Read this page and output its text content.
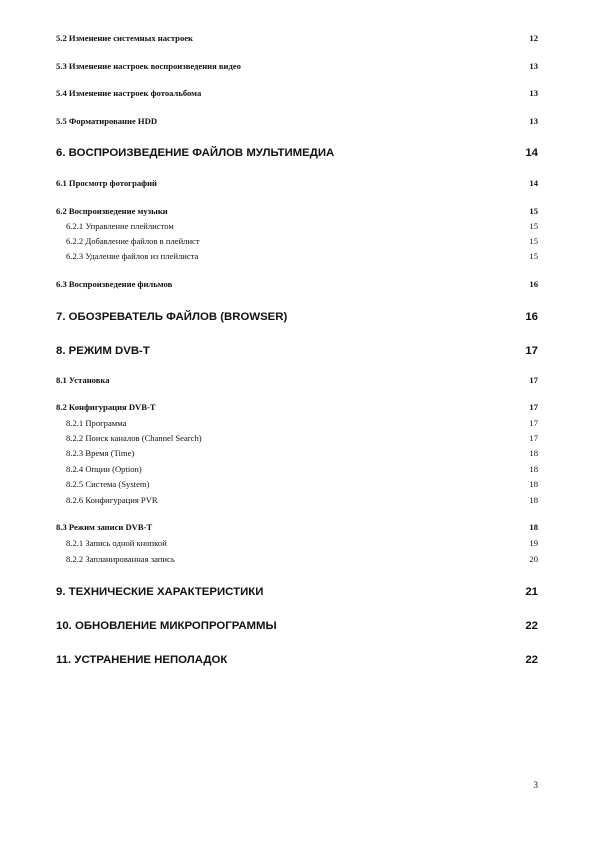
5.2 Изменение системных настроек	12
5.3 Изменение настроек воспроизведения видео	13
5.4 Изменение настроек фотоальбома	13
5.5 Форматирование HDD	13
6. ВОСПРОИЗВЕДЕНИЕ ФАЙЛОВ МУЛЬТИМЕДИА	14
6.1 Просмотр фотографий	14
6.2 Воспроизведение музыки	15
6.2.1 Управление плейлистом	15
6.2.2 Добавление файлов в плейлист	15
6.2.3 Удаление файлов из плейлиста	15
6.3 Воспроизведение фильмов	16
7. ОБОЗРЕВАТЕЛЬ ФАЙЛОВ (BROWSER)	16
8. РЕЖИМ DVB-T	17
8.1 Установка	17
8.2 Конфигурация DVB-T	17
8.2.1 Программа	17
8.2.2 Поиск каналов (Channel Search)	17
8.2.3 Время (Time)	18
8.2.4 Опции (Option)	18
8.2.5 Система (System)	18
8.2.6 Конфигурация PVR	18
8.3 Режим записи DVB-T	18
8.2.1 Запись одной кнопкой	19
8.2.2 Запланированная запись	20
9. ТЕХНИЧЕСКИЕ ХАРАКТЕРИСТИКИ	21
10. ОБНОВЛЕНИЕ МИКРОПРОГРАММЫ	22
11. УСТРАНЕНИЕ НЕПОЛАДОК	22
3
